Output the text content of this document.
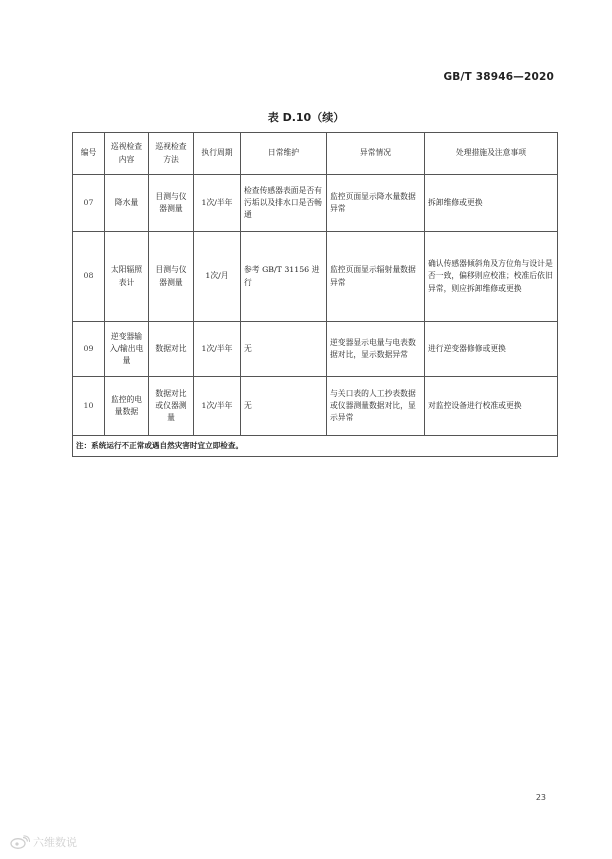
GB/T 38946—2020
表 D.10（续）
编号	巡视检查内容	巡视检查方法	执行周期	日常维护	异常情况	处理措施及注意事项
07	降水量	目测与仪器测量	1次/半年	检查传感器表面是否有污垢以及排水口是否畅通	监控页面显示降水量数据异常	拆卸维修或更换
08	太阳辐照表计	目测与仪器测量	1次/月	参考 GB/T 31156 进行	监控页面显示辐射量数据异常	确认传感器倾斜角及方位角与设计是否一致，偏移则应校准；校准后依旧异常，则应拆卸维修或更换
09	逆变器输入/输出电量	数据对比	1次/半年	无	逆变器显示电量与电表数据对比，显示数据异常	进行逆变器修修或更换
10	监控的电量数据	数据对比或仪器测量	1次/半年	无	与关口表的人工抄表数据或仪器测量数据对比，显示异常	对监控设备进行校准或更换
注：系统运行不正常或遇自然灾害时宜立即检查。						
23
六维数说
